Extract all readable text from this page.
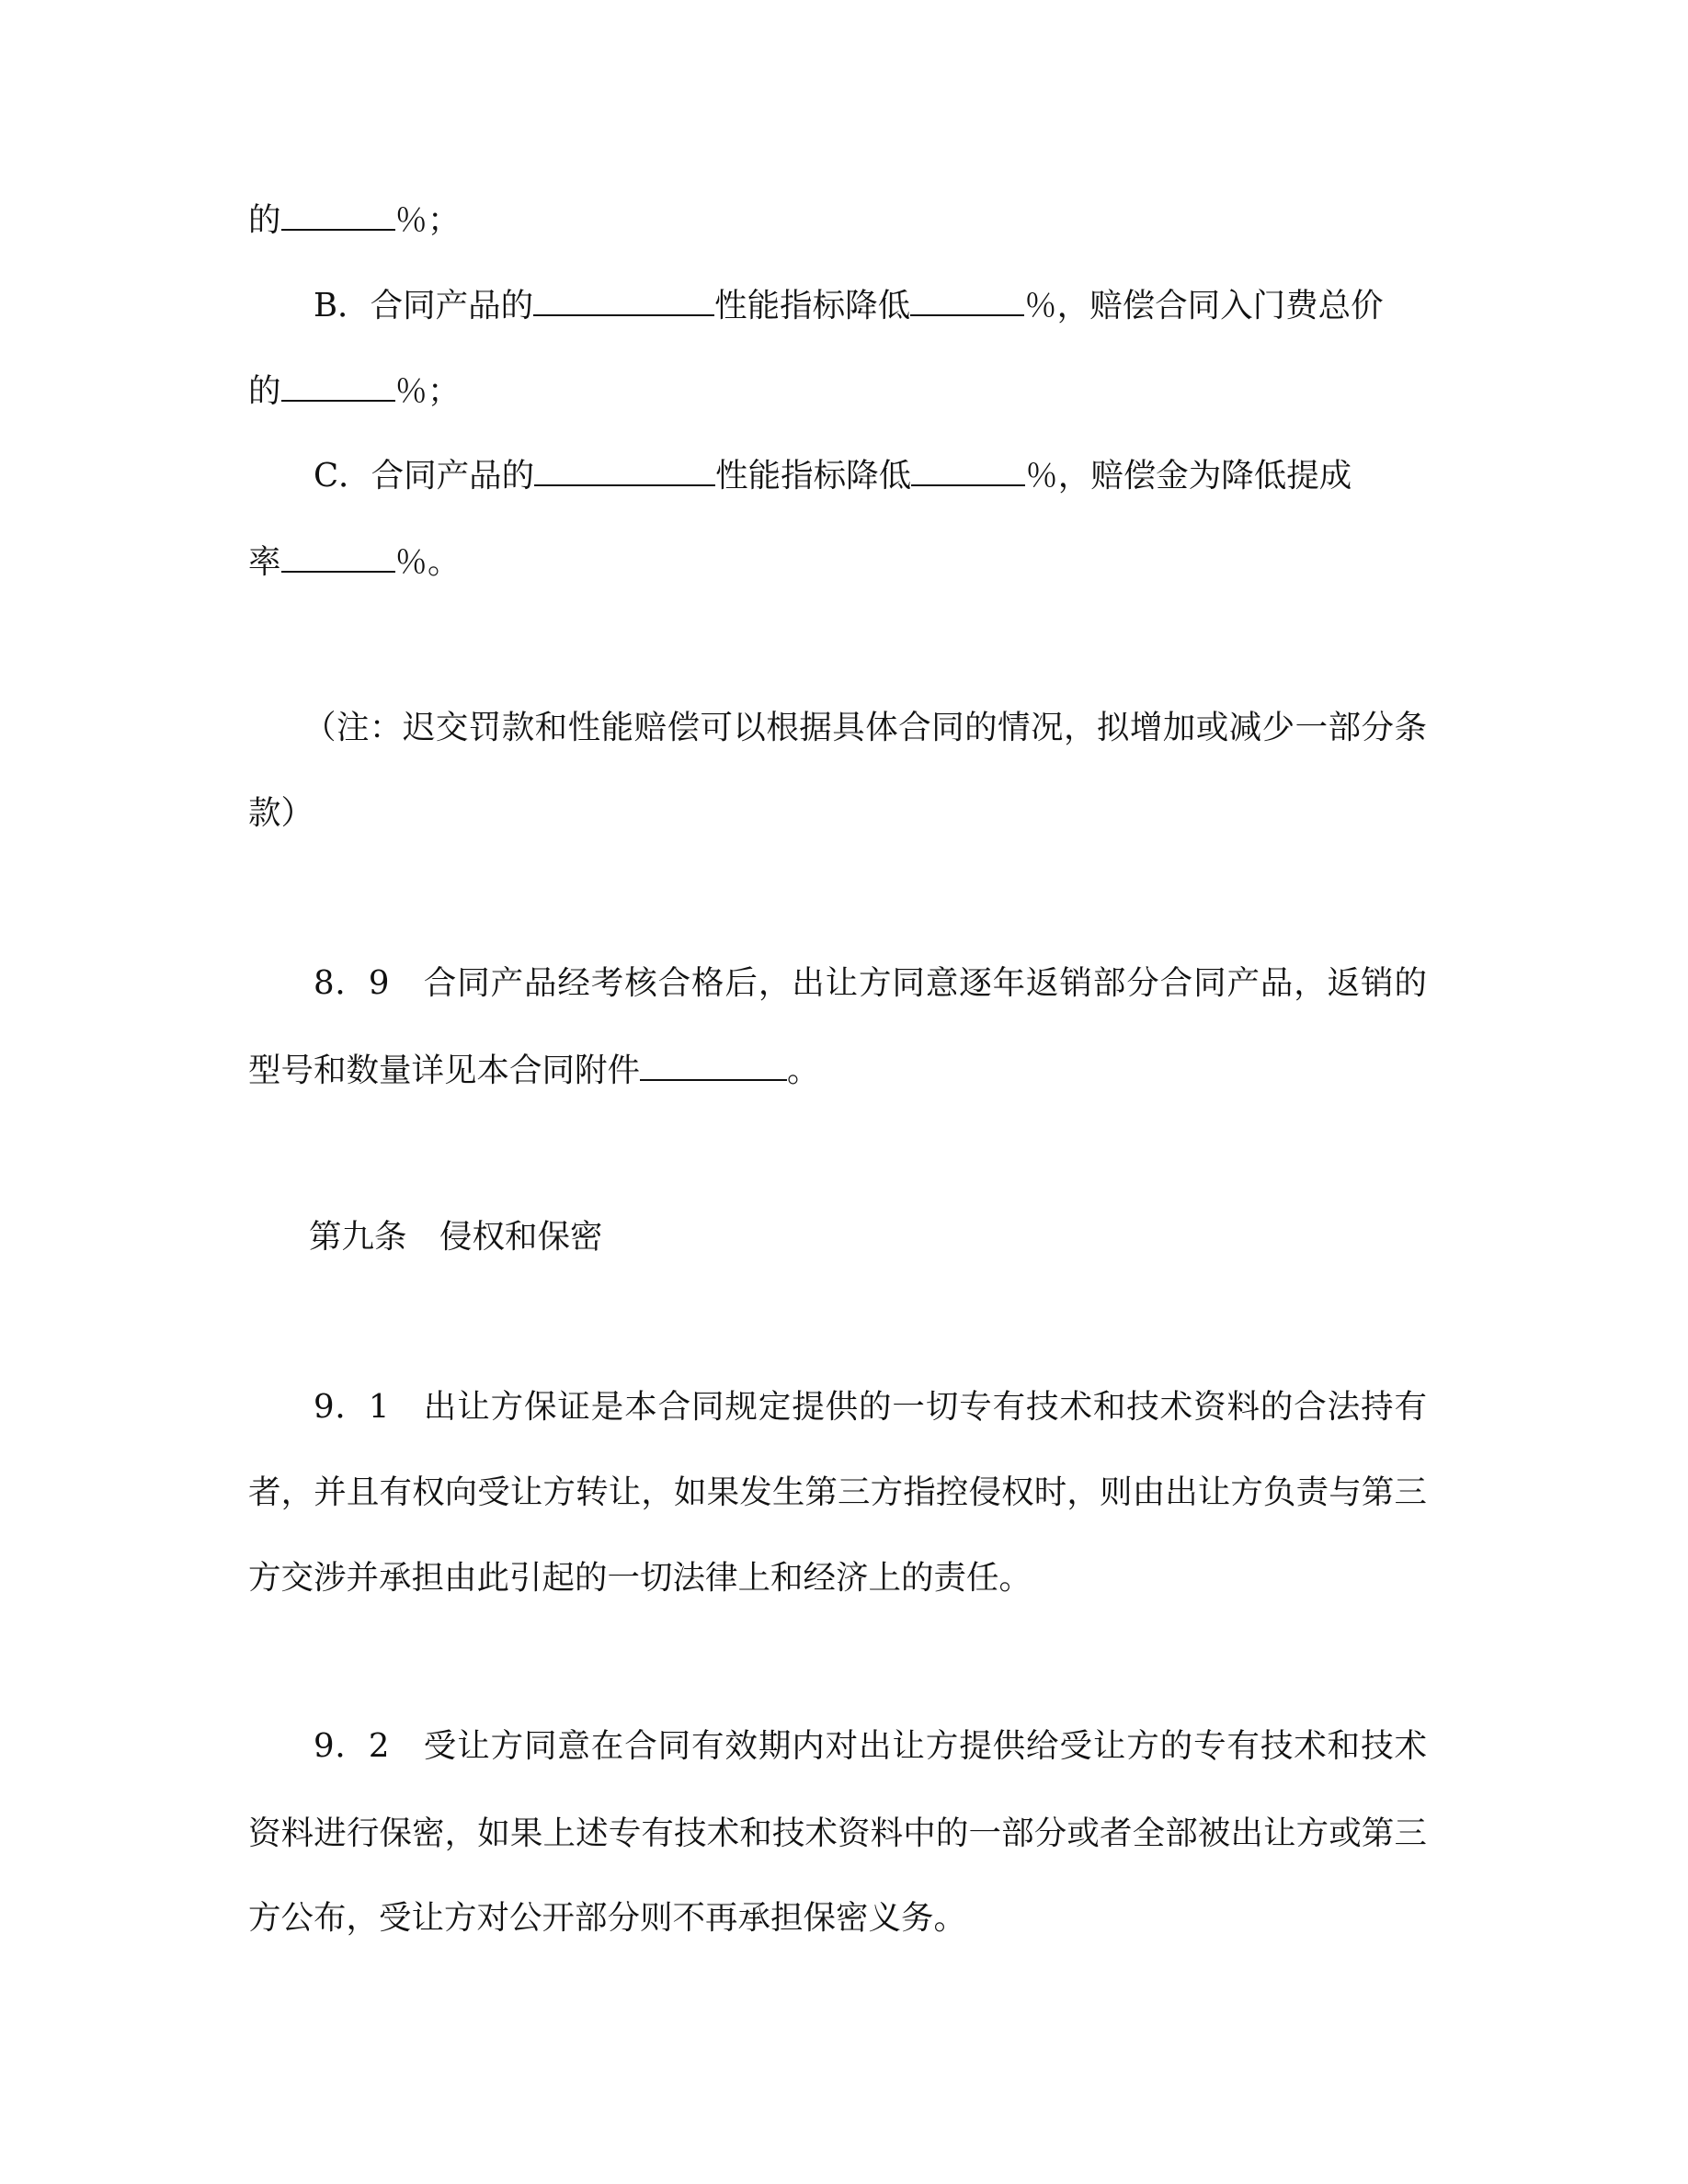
的	％；
B．合同产品的	性能指标降低	％，赔偿合同入门费总价
的	％；
C．合同产品的	性能指标降低	％，赔偿金为降低提成
率	％。
（注：迟交罚款和性能赔偿可以根据具体合同的情况，拟增加或减少一部分条
款）
8．9　合同产品经考核合格后，出让方同意逐年返销部分合同产品，返销的
型号和数量详见本合同附件	。
第九条　侵权和保密
9．1　出让方保证是本合同规定提供的一切专有技术和技术资料的合法持有
者，并且有权向受让方转让，如果发生第三方指控侵权时，则由出让方负责与第三
方交涉并承担由此引起的一切法律上和经济上的责任。
9．2　受让方同意在合同有效期内对出让方提供给受让方的专有技术和技术
资料进行保密，如果上述专有技术和技术资料中的一部分或者全部被出让方或第三
方公布，受让方对公开部分则不再承担保密义务。
